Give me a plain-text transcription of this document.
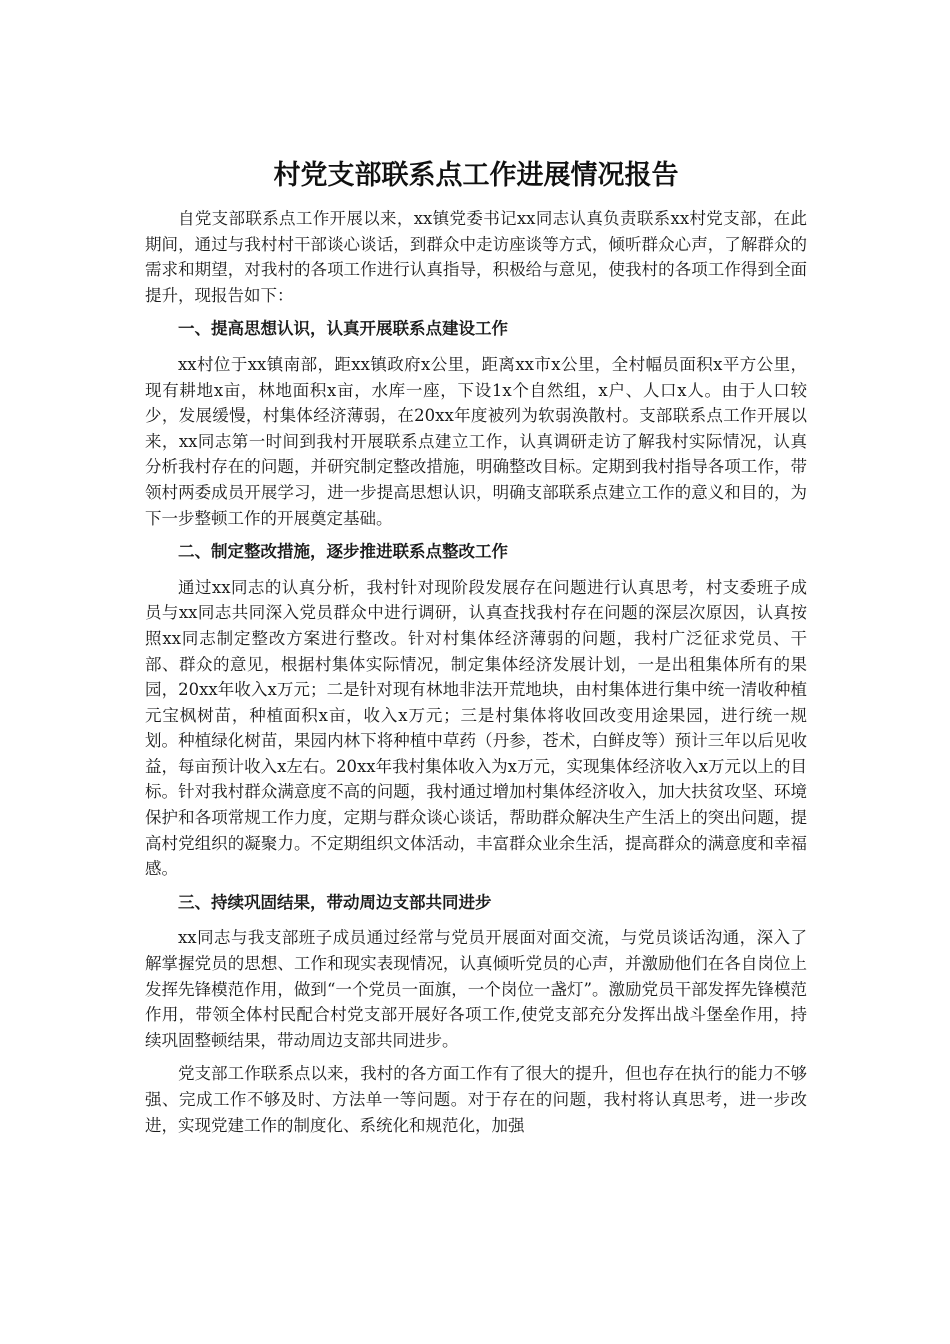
村党支部联系点工作进展情况报告

自党支部联系点工作开展以来，xx镇党委书记xx同志认真负责联系xx村党支部，在此期间，通过与我村村干部谈心谈话，到群众中走访座谈等方式，倾听群众心声，了解群众的需求和期望，对我村的各项工作进行认真指导，积极给与意见，使我村的各项工作得到全面提升，现报告如下：

一、提高思想认识，认真开展联系点建设工作

xx村位于xx镇南部，距xx镇政府x公里，距离xx市x公里，全村幅员面积x平方公里，现有耕地x亩，林地面积x亩，水库一座，下设1x个自然组，x户、人口x人。由于人口较少，发展缓慢，村集体经济薄弱，在20xx年度被列为软弱涣散村。支部联系点工作开展以来，xx同志第一时间到我村开展联系点建立工作，认真调研走访了解我村实际情况，认真分析我村存在的问题，并研究制定整改措施，明确整改目标。定期到我村指导各项工作，带领村两委成员开展学习，进一步提高思想认识，明确支部联系点建立工作的意义和目的，为下一步整顿工作的开展奠定基础。

二、制定整改措施，逐步推进联系点整改工作

通过xx同志的认真分析，我村针对现阶段发展存在问题进行认真思考，村支委班子成员与xx同志共同深入党员群众中进行调研，认真查找我村存在问题的深层次原因，认真按照xx同志制定整改方案进行整改。针对村集体经济薄弱的问题，我村广泛征求党员、干部、群众的意见，根据村集体实际情况，制定集体经济发展计划，一是出租集体所有的果园，20xx年收入x万元；二是针对现有林地非法开荒地块，由村集体进行集中统一清收种植元宝枫树苗，种植面积x亩，收入x万元；三是村集体将收回改变用途果园，进行统一规划。种植绿化树苗，果园内林下将种植中草药（丹参，苍术，白鲜皮等）预计三年以后见收益，每亩预计收入x左右。20xx年我村集体收入为x万元，实现集体经济收入x万元以上的目标。针对我村群众满意度不高的问题，我村通过增加村集体经济收入，加大扶贫攻坚、环境保护和各项常规工作力度，定期与群众谈心谈话，帮助群众解决生产生活上的突出问题，提高村党组织的凝聚力。不定期组织文体活动，丰富群众业余生活，提高群众的满意度和幸福感。

三、持续巩固结果，带动周边支部共同进步

xx同志与我支部班子成员通过经常与党员开展面对面交流，与党员谈话沟通，深入了解掌握党员的思想、工作和现实表现情况，认真倾听党员的心声，并激励他们在各自岗位上发挥先锋模范作用，做到“一个党员一面旗，一个岗位一盏灯”。激励党员干部发挥先锋模范作用，带领全体村民配合村党支部开展好各项工作,使党支部充分发挥出战斗堡垒作用，持续巩固整顿结果，带动周边支部共同进步。

党支部工作联系点以来，我村的各方面工作有了很大的提升，但也存在执行的能力不够强、完成工作不够及时、方法单一等问题。对于存在的问题，我村将认真思考，进一步改进，实现党建工作的制度化、系统化和规范化，加强
